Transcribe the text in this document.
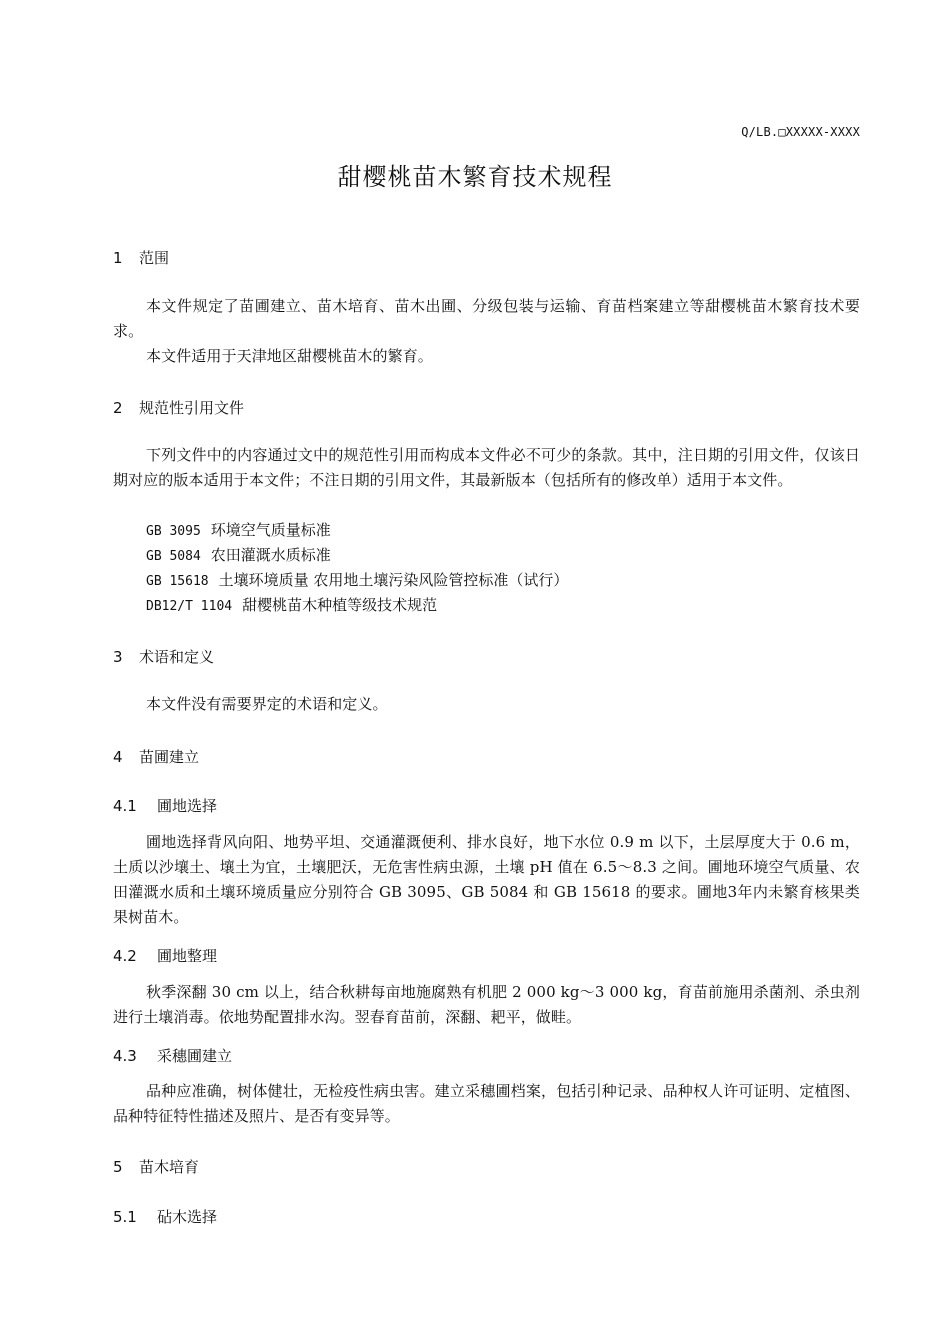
Q/LB.□XXXXX-XXXX
甜樱桃苗木繁育技术规程
1 范围
本文件规定了苗圃建立、苗木培育、苗木出圃、分级包装与运输、育苗档案建立等甜樱桃苗木繁育技术要求。
本文件适用于天津地区甜樱桃苗木的繁育。
2 规范性引用文件
下列文件中的内容通过文中的规范性引用而构成本文件必不可少的条款。其中，注日期的引用文件，仅该日期对应的版本适用于本文件；不注日期的引用文件，其最新版本（包括所有的修改单）适用于本文件。
GB 3095 环境空气质量标准
GB 5084 农田灌溉水质标准
GB 15618 土壤环境质量 农用地土壤污染风险管控标准（试行）
DB12/T 1104 甜樱桃苗木种植等级技术规范
3 术语和定义
本文件没有需要界定的术语和定义。
4 苗圃建立
4.1 圃地选择
圃地选择背风向阳、地势平坦、交通灌溉便利、排水良好，地下水位 0.9 m 以下，土层厚度大于 0.6 m，土质以沙壤土、壤土为宜，土壤肥沃，无危害性病虫源，土壤 pH 值在 6.5～8.3 之间。圃地环境空气质量、农田灌溉水质和土壤环境质量应分别符合 GB 3095、GB 5084 和 GB 15618 的要求。圃地3年内未繁育核果类果树苗木。
4.2 圃地整理
秋季深翻 30 cm 以上，结合秋耕每亩地施腐熟有机肥 2 000 kg～3 000 kg，育苗前施用杀菌剂、杀虫剂进行土壤消毒。依地势配置排水沟。翌春育苗前，深翻、耙平，做畦。
4.3 采穗圃建立
品种应准确，树体健壮，无检疫性病虫害。建立采穗圃档案，包括引种记录、品种权人许可证明、定植图、品种特征特性描述及照片、是否有变异等。
5 苗木培育
5.1 砧木选择
